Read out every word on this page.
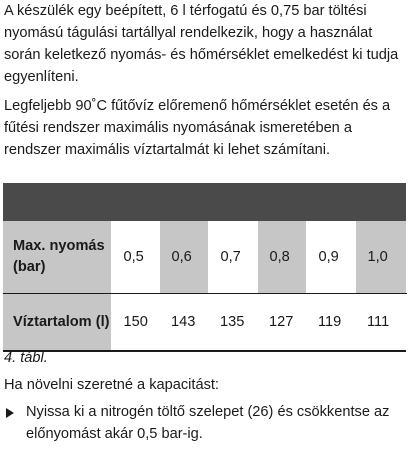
A készülék egy beépített, 6 l térfogatú és 0,75 bar töltési nyomású tágulási tartállyal rendelkezik, hogy a használat során keletkező nyomás- és hőmérséklet emelkedést ki tudja egyenlíteni.

Legfeljebb 90˚C fűtővíz előremenő hőmérséklet esetén és a fűtési rendszer maximális nyomásának ismeretében a rendszer maximális víztartalmát ki lehet számítani.

Max. nyomás (bar)	0,5	0,6	0,7	0,8	0,9	1,0
Víztartalom (l)	150	143	135	127	119	111

4. tábl.

Ha növelni szeretné a kapacitást:

Nyissa ki a nitrogén töltő szelepet (26) és csökkentse az előnyomást akár 0,5 bar-ig.
